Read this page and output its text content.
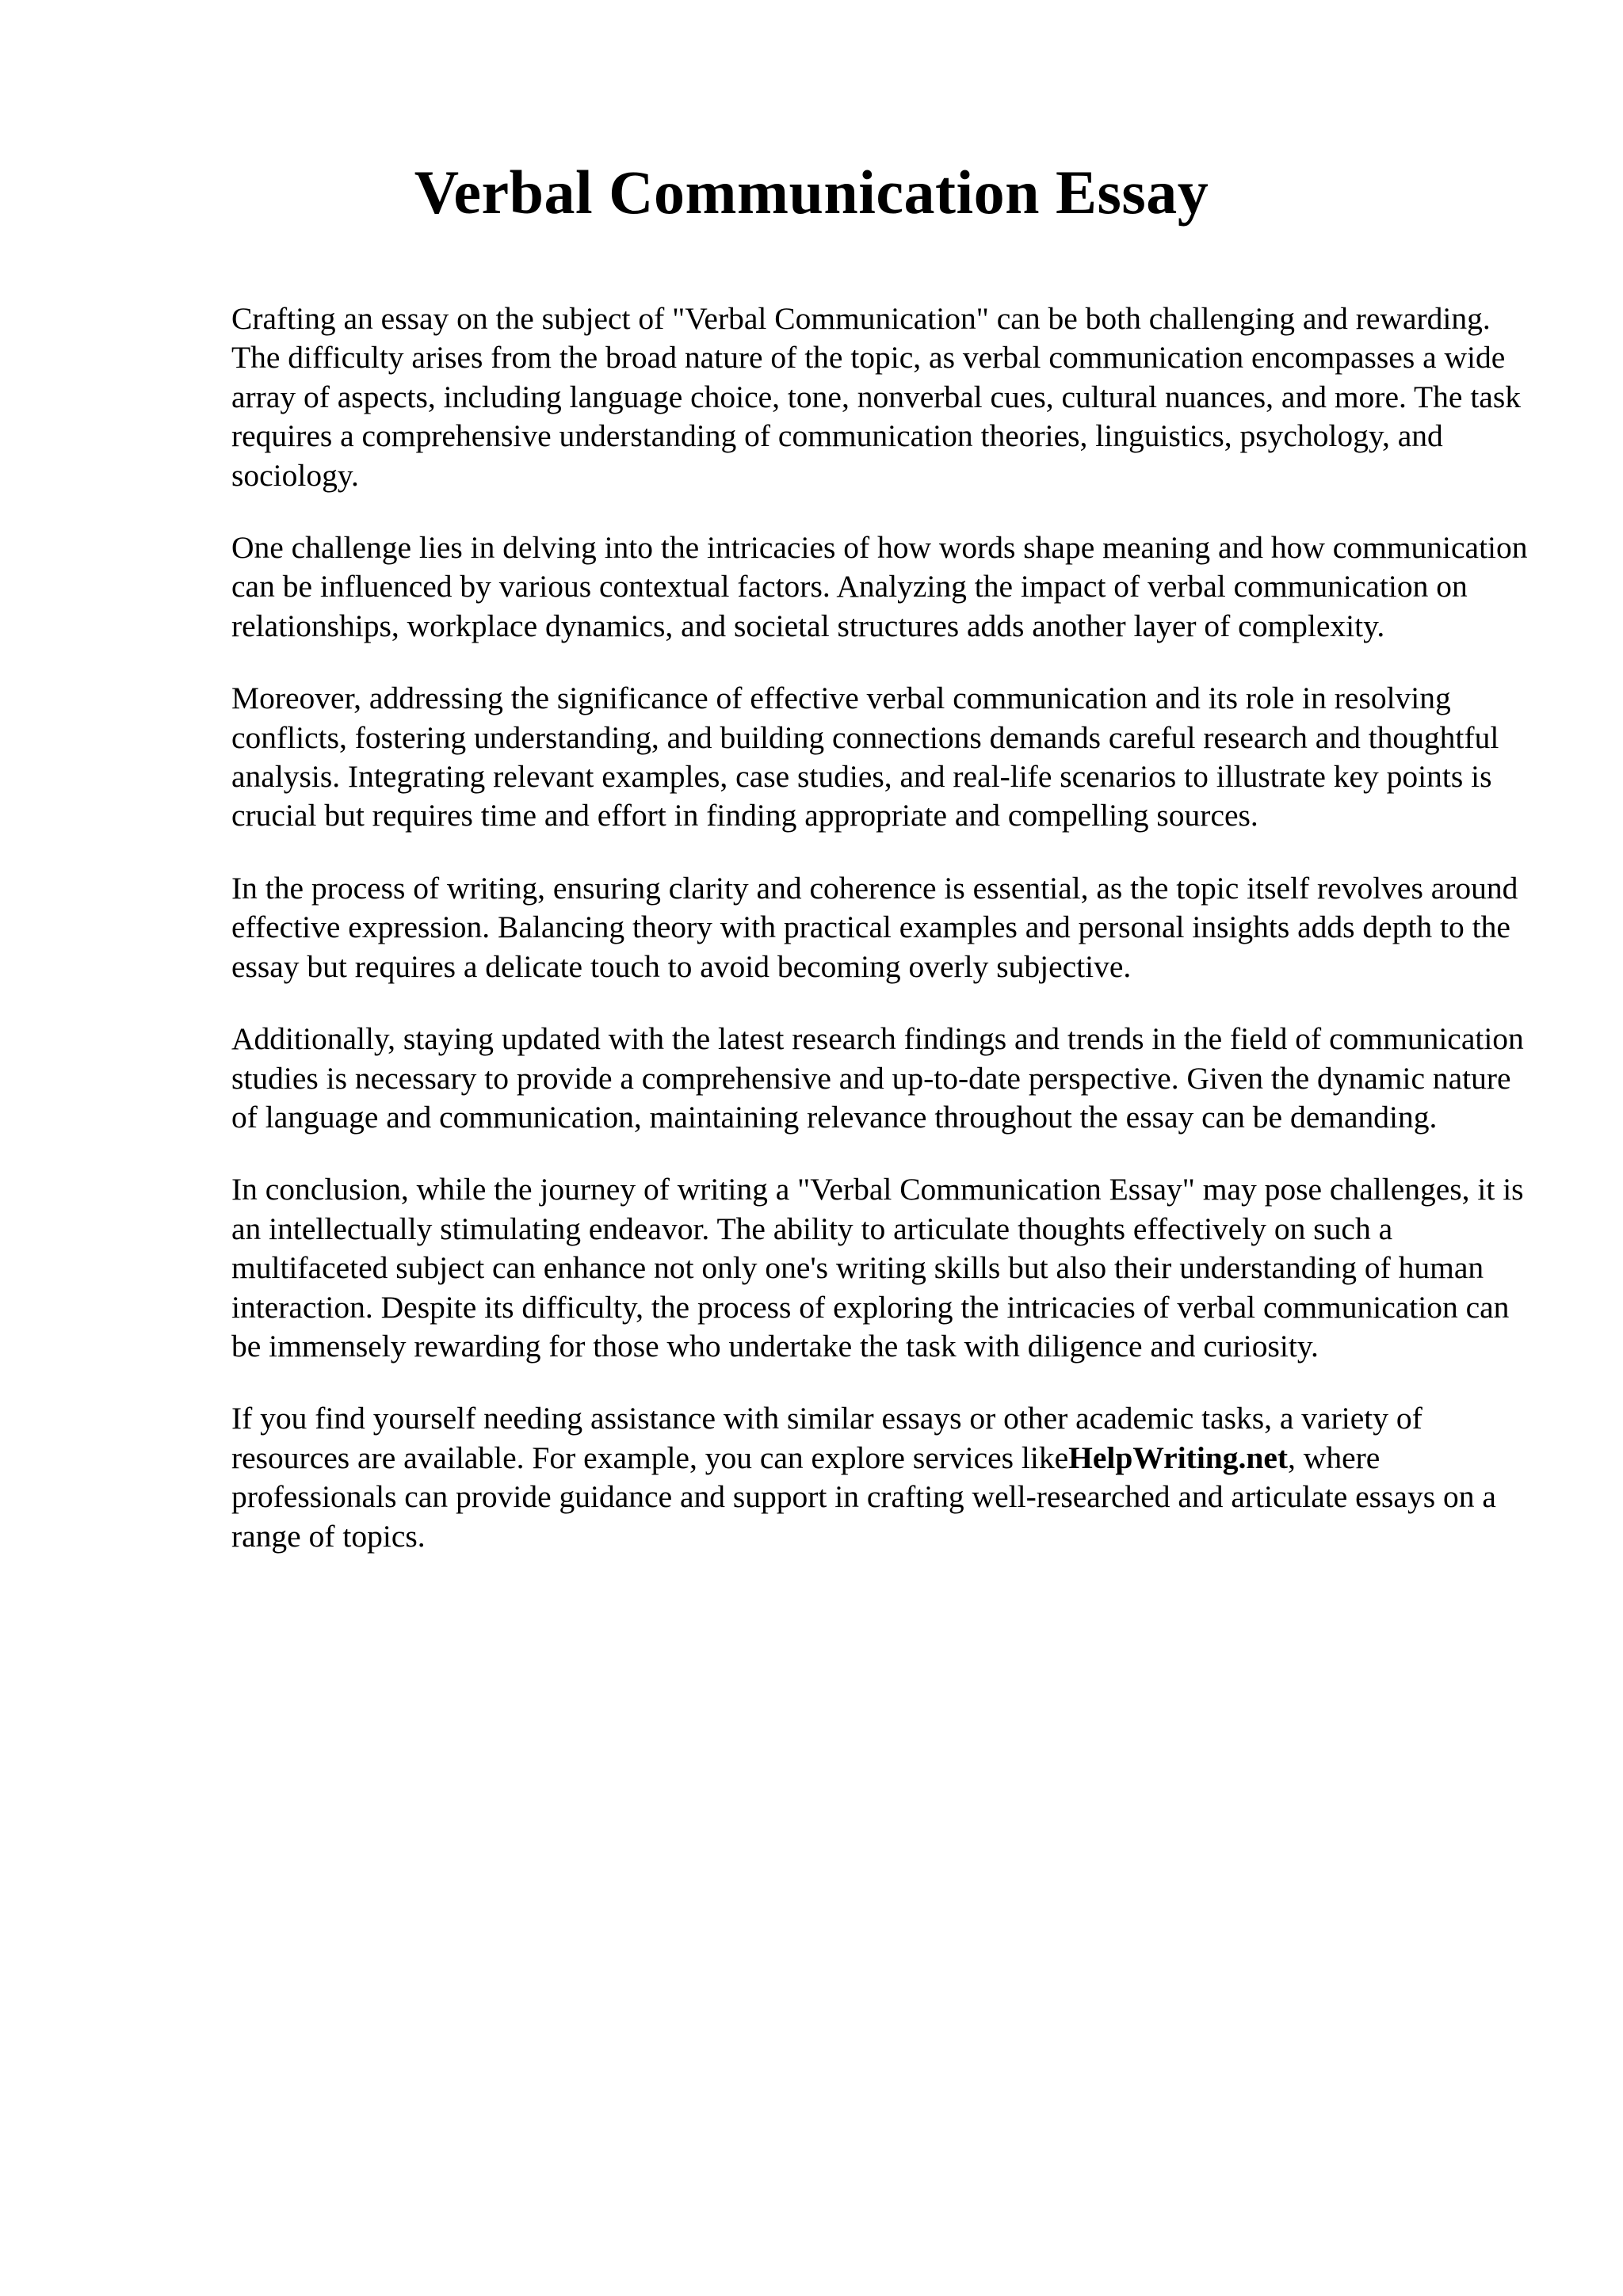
Verbal Communication Essay

Crafting an essay on the subject of "Verbal Communication" can be both challenging and rewarding. The difficulty arises from the broad nature of the topic, as verbal communication encompasses a wide array of aspects, including language choice, tone, nonverbal cues, cultural nuances, and more. The task requires a comprehensive understanding of communication theories, linguistics, psychology, and sociology.

One challenge lies in delving into the intricacies of how words shape meaning and how communication can be influenced by various contextual factors. Analyzing the impact of verbal communication on relationships, workplace dynamics, and societal structures adds another layer of complexity.

Moreover, addressing the significance of effective verbal communication and its role in resolving conflicts, fostering understanding, and building connections demands careful research and thoughtful analysis. Integrating relevant examples, case studies, and real-life scenarios to illustrate key points is crucial but requires time and effort in finding appropriate and compelling sources.

In the process of writing, ensuring clarity and coherence is essential, as the topic itself revolves around effective expression. Balancing theory with practical examples and personal insights adds depth to the essay but requires a delicate touch to avoid becoming overly subjective.

Additionally, staying updated with the latest research findings and trends in the field of communication studies is necessary to provide a comprehensive and up-to-date perspective. Given the dynamic nature of language and communication, maintaining relevance throughout the essay can be demanding.

In conclusion, while the journey of writing a "Verbal Communication Essay" may pose challenges, it is an intellectually stimulating endeavor. The ability to articulate thoughts effectively on such a multifaceted subject can enhance not only one's writing skills but also their understanding of human interaction. Despite its difficulty, the process of exploring the intricacies of verbal communication can be immensely rewarding for those who undertake the task with diligence and curiosity.

If you find yourself needing assistance with similar essays or other academic tasks, a variety of resources are available. For example, you can explore services likeHelpWriting.net, where professionals can provide guidance and support in crafting well-researched and articulate essays on a range of topics.
